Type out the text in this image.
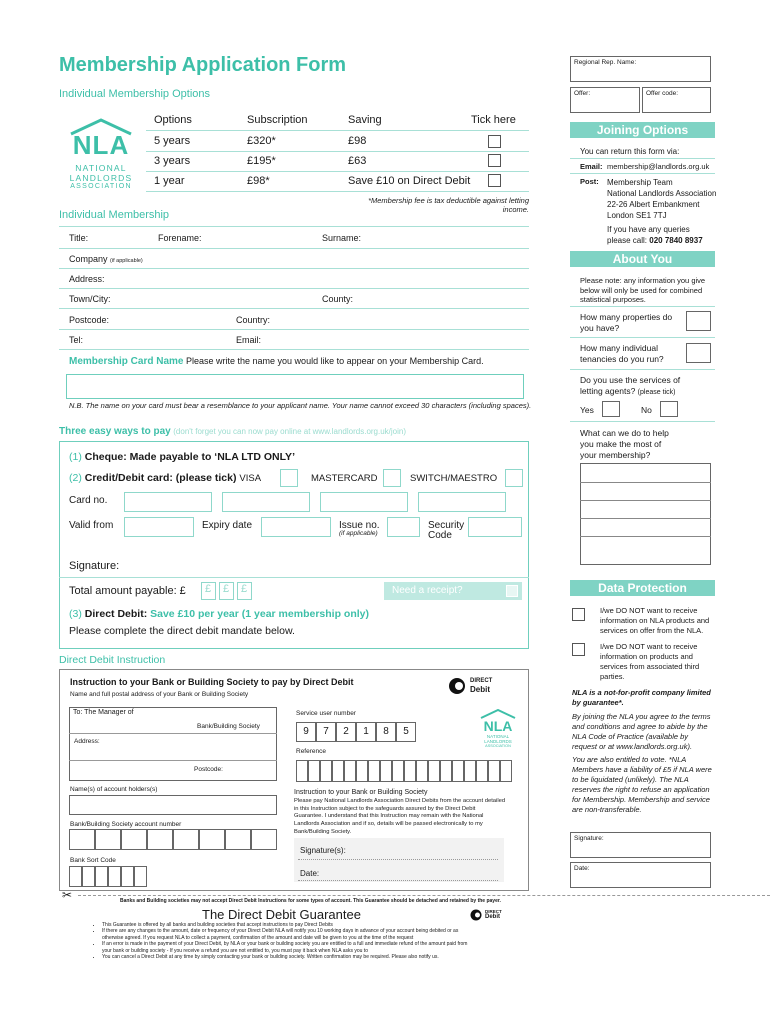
Membership Application Form
Individual Membership Options
NLA
NATIONAL
LANDLORDS
ASSOCIATION
Options	Subscription	Saving	Tick here
5 years	£320*	£98
3 years	£195*	£63
1 year	£98*	Save £10 on Direct Debit
*Membership fee is tax deductible against letting income.
Individual Membership
Title:	Forename:	Surname:
Company (if applicable)
Address:
Town/City:	County:
Postcode:	Country:
Tel:	Email:
Membership Card Name Please write the name you would like to appear on your Membership Card.
N.B. The name on your card must bear a resemblance to your applicant name. Your name cannot exceed 30 characters (including spaces).
Three easy ways to pay (don't forget you can now pay online at www.landlords.org.uk/join)
(1) Cheque: Made payable to ‘NLA LTD ONLY’
(2) Credit/Debit card: (please tick) VISA	MASTERCARD	SWITCH/MAESTRO
Card no.
Valid from	Expiry date	Issue no.
(if applicable)
Security
Code
Signature:
Total amount payable: £	£	£	£	Need a receipt?
(3) Direct Debit: Save £10 per year (1 year membership only)
Please complete the direct debit mandate below.
Direct Debit Instruction
Instruction to your Bank or Building Society to pay by Direct Debit
Name and full postal address of your Bank or Building Society
DIRECT
Debit
To: The Manager of
Bank/Building Society
Address:
Postcode:
Name(s) of account holders(s)
Bank/Building Society account number
Bank Sort Code
Service user number
NLA
NATIONAL
LANDLORDS
ASSOCIATION
Reference
Instruction to your Bank or Building Society
Please pay National Landlords Association Direct Debits from the account detailed in this Instruction subject to the safeguards assured by the Direct Debit Guarantee. I understand that this Instruction may remain with the National Landlords Association and if so, details will be passed electronically to my Bank/Building Society.
Signature(s):
Date:
✂	Banks and Building societies may not accept Direct Debit Instructions for some types of account. This Guarantee should be detached and retained by the payer.
The Direct Debit Guarantee	DIRECT
Debit
• This Guarantee is offered by all banks and building societies that accept instructions to pay Direct Debits
• If there are any changes to the amount, date or frequency of your Direct Debit NLA will notify you 10 working days in advance of your account being debited or as otherwise agreed. If you request NLA to collect a payment, confirmation of the amount and date will be given to you at the time of the request
• If an error is made in the payment of your Direct Debit, by NLA or your bank or building society you are entitled to a full and immediate refund of the amount paid from your bank or building society - If you receive a refund you are not entitled to, you must pay it back when NLA asks you to
• You can cancel a Direct Debit at any time by simply contacting your bank or building society. Written confirmation may be required. Please also notify us.
Regional Rep. Name:
Offer:	Offer code:
Joining Options
You can return this form via:
Email: membership@landlords.org.uk
Post: Membership Team
National Landlords Association
22-26 Albert Embankment
London SE1 7TJ
If you have any queries
please call: 020 7840 8937
About You
Please note: any information you give below will only be used for combined statistical purposes.
How many properties do you have?
How many individual tenancies do you run?
Do you use the services of letting agents? (please tick)
Yes	No
What can we do to help you make the most of your membership?
Data Protection
I/we DO NOT want to receive information on NLA products and services on offer from the NLA.
I/we DO NOT want to receive information on products and services from associated third parties.
NLA is a not-for-profit company limited by guarantee*.
By joining the NLA you agree to the terms and conditions and agree to abide by the NLA Code of Practice (available by request or at www.landlords.org.uk).
You are also entitled to vote. *NLA Members have a liability of £5 if NLA were to be liquidated (unlikely). The NLA reserves the right to refuse an application for Membership. Membership and service are non-transferable.
Signature:
Date:
9	7	2	1	8	5
